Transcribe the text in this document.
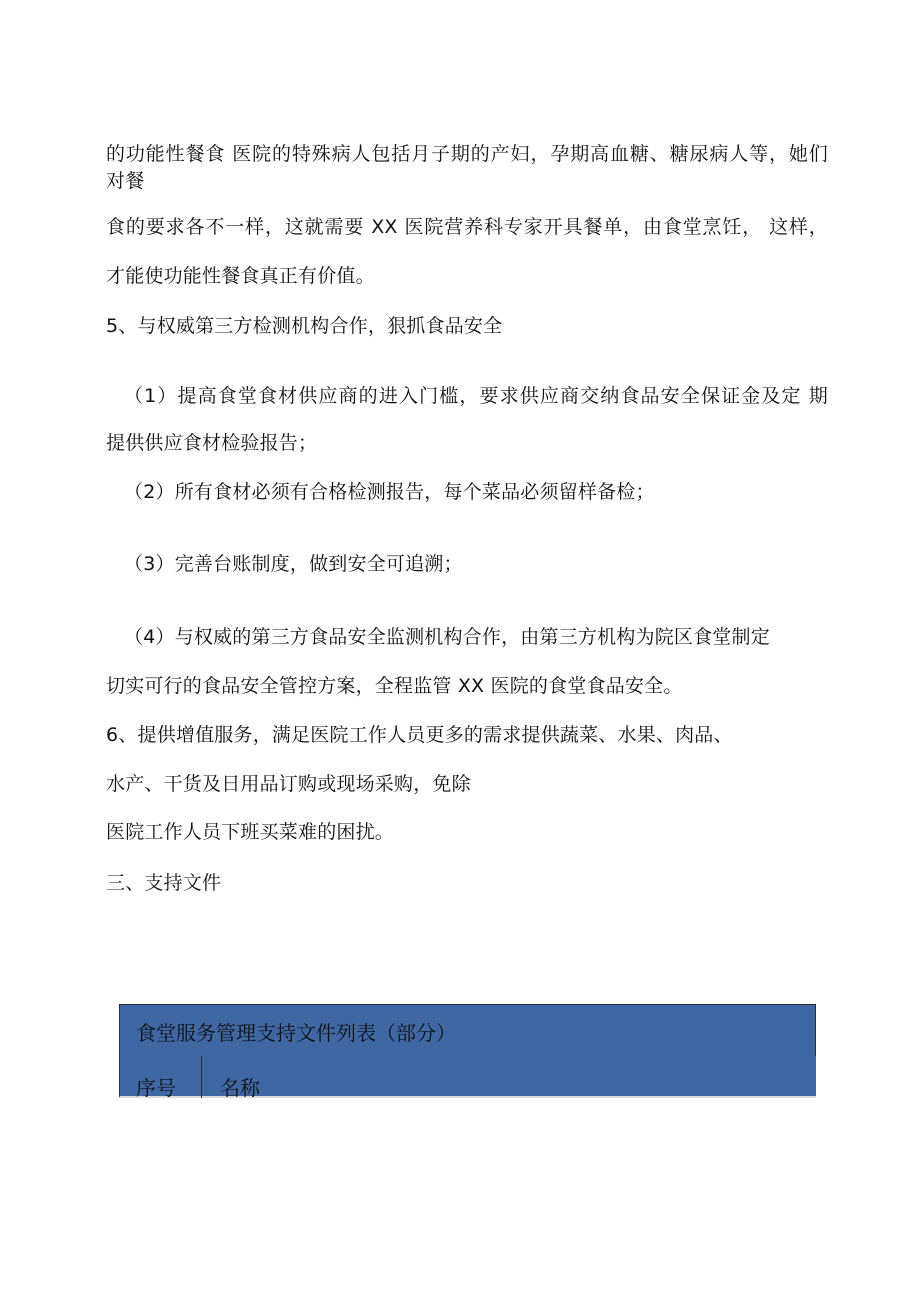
的功能性餐食 医院的特殊病人包括月子期的产妇，孕期高血糖、糖尿病人等，她们
对餐
食的要求各不一样，这就需要 XX 医院营养科专家开具餐单，由食堂烹饪， 这样，
才能使功能性餐食真正有价值。
5、与权威第三方检测机构合作，狠抓食品安全
（1）提高食堂食材供应商的进入门槛，要求供应商交纳食品安全保证金及定 期
提供供应食材检验报告；
（2）所有食材必须有合格检测报告，每个菜品必须留样备检；
（3）完善台账制度，做到安全可追溯；
（4）与权威的第三方食品安全监测机构合作，由第三方机构为院区食堂制定
切实可行的食品安全管控方案，全程监管 XX 医院的食堂食品安全。
6、提供增值服务，满足医院工作人员更多的需求提供蔬菜、水果、肉品、
水产、干货及日用品订购或现场采购，免除
医院工作人员下班买菜难的困扰。
三、支持文件
食堂服务管理支持文件列表（部分）
序号 名称
